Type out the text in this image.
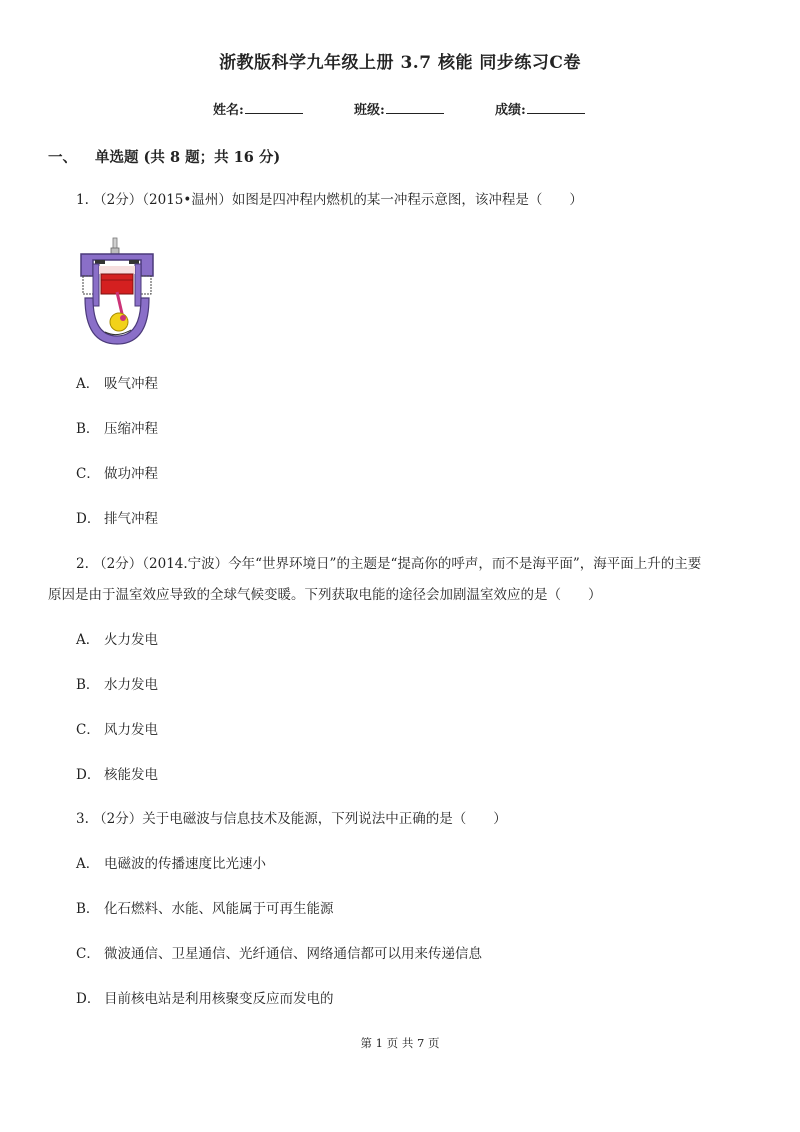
浙教版科学九年级上册 3.7 核能 同步练习C卷
姓名:	班级:	成绩:
一、 单选题 (共 8 题；共 16 分)
1. （2分）（2015•温州）如图是四冲程内燃机的某一冲程示意图，该冲程是（　　）
A． 吸气冲程
B． 压缩冲程
C． 做功冲程
D． 排气冲程
2. （2分）（2014.宁波）今年“世界环境日”的主题是“提高你的呼声，而不是海平面”，海平面上升的主要
原因是由于温室效应导致的全球气候变暖。下列获取电能的途径会加剧温室效应的是（　　）
A． 火力发电
B． 水力发电
C． 风力发电
D． 核能发电
3. （2分）关于电磁波与信息技术及能源，下列说法中正确的是（　　）
A． 电磁波的传播速度比光速小
B． 化石燃料、水能、风能属于可再生能源
C． 微波通信、卫星通信、光纤通信、网络通信都可以用来传递信息
D． 目前核电站是利用核聚变反应而发电的
第 1 页 共 7 页
